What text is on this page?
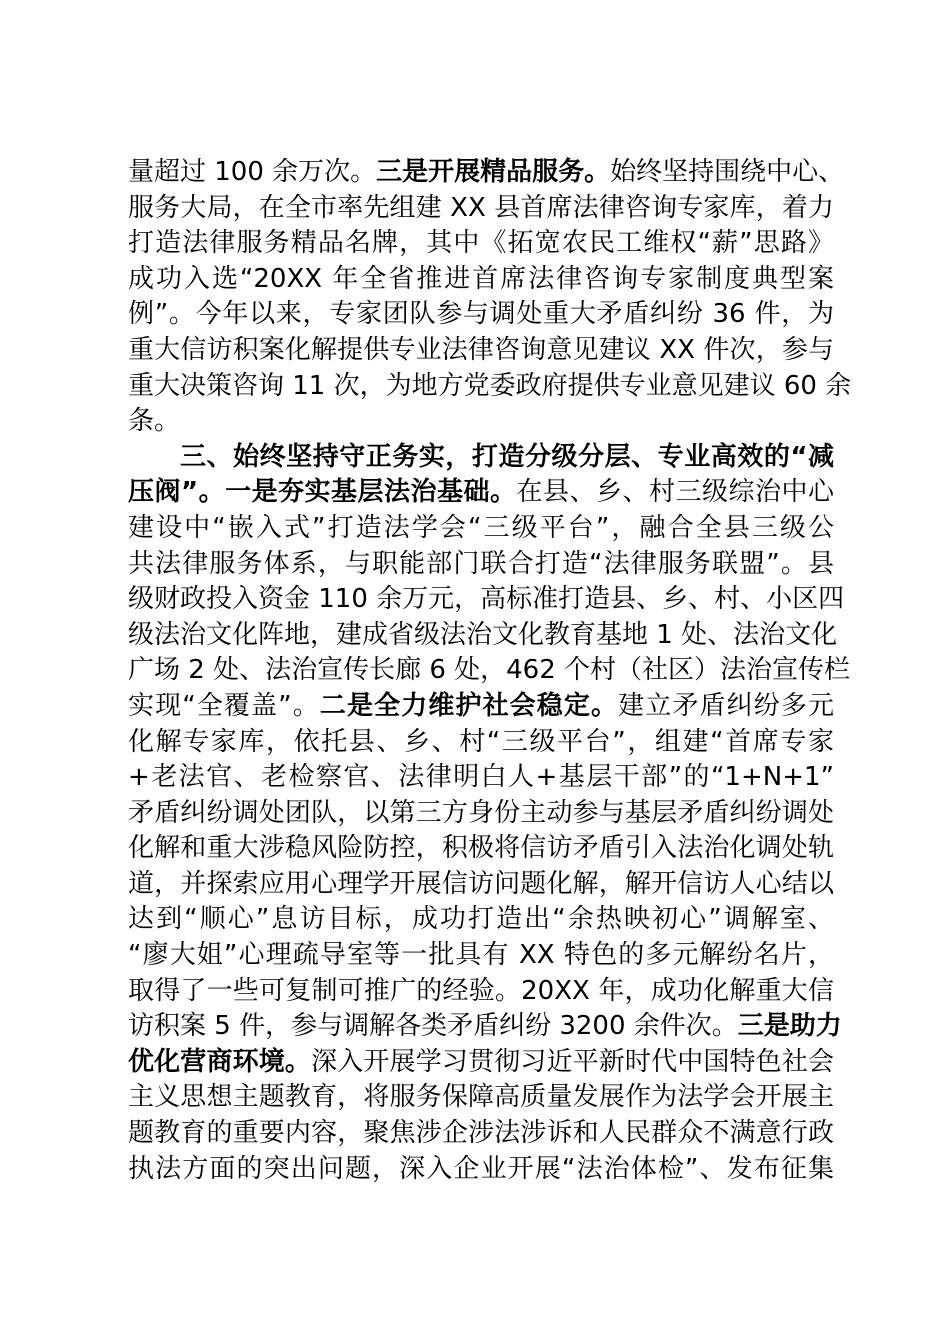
量超过 100 余万次。三是开展精品服务。始终坚持围绕中心、
服务大局，在全市率先组建 XX 县首席法律咨询专家库，着力
打造法律服务精品名牌，其中《拓宽农民工维权“薪”思路》
成功入选“20XX 年全省推进首席法律咨询专家制度典型案
例”。今年以来，专家团队参与调处重大矛盾纠纷 36 件，为
重大信访积案化解提供专业法律咨询意见建议 XX 件次，参与
重大决策咨询 11 次，为地方党委政府提供专业意见建议 60 余
条。
三、始终坚持守正务实，打造分级分层、专业高效的“减
压阀”。一是夯实基层法治基础。在县、乡、村三级综治中心
建设中“嵌入式”打造法学会“三级平台”，融合全县三级公
共法律服务体系，与职能部门联合打造“法律服务联盟”。县
级财政投入资金 110 余万元，高标准打造县、乡、村、小区四
级法治文化阵地，建成省级法治文化教育基地 1 处、法治文化
广场 2 处、法治宣传长廊 6 处，462 个村（社区）法治宣传栏
实现“全覆盖”。二是全力维护社会稳定。建立矛盾纠纷多元
化解专家库，依托县、乡、村“三级平台”，组建“首席专家
+老法官、老检察官、法律明白人+基层干部”的“1+N+1”
矛盾纠纷调处团队，以第三方身份主动参与基层矛盾纠纷调处
化解和重大涉稳风险防控，积极将信访矛盾引入法治化调处轨
道，并探索应用心理学开展信访问题化解，解开信访人心结以
达到“顺心”息访目标，成功打造出“余热映初心”调解室、
“廖大姐”心理疏导室等一批具有 XX 特色的多元解纷名片，
取得了一些可复制可推广的经验。20XX 年，成功化解重大信
访积案 5 件，参与调解各类矛盾纠纷 3200 余件次。三是助力
优化营商环境。深入开展学习贯彻习近平新时代中国特色社会
主义思想主题教育，将服务保障高质量发展作为法学会开展主
题教育的重要内容，聚焦涉企涉法涉诉和人民群众不满意行政
执法方面的突出问题，深入企业开展“法治体检”、发布征集
